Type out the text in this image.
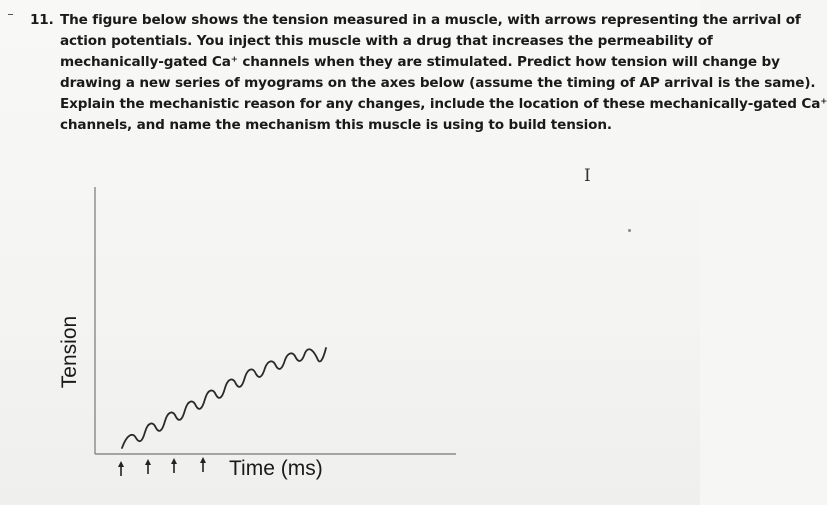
11. The figure below shows the tension measured in a muscle, with arrows representing the arrival of
action potentials. You inject this muscle with a drug that increases the permeability of
mechanically-gated Ca⁺ channels when they are stimulated. Predict how tension will change by
drawing a new series of myograms on the axes below (assume the timing of AP arrival is the same).
Explain the mechanistic reason for any changes, include the location of these mechanically-gated Ca⁺
channels, and name the mechanism this muscle is using to build tension.
I
Tension
Time (ms)
